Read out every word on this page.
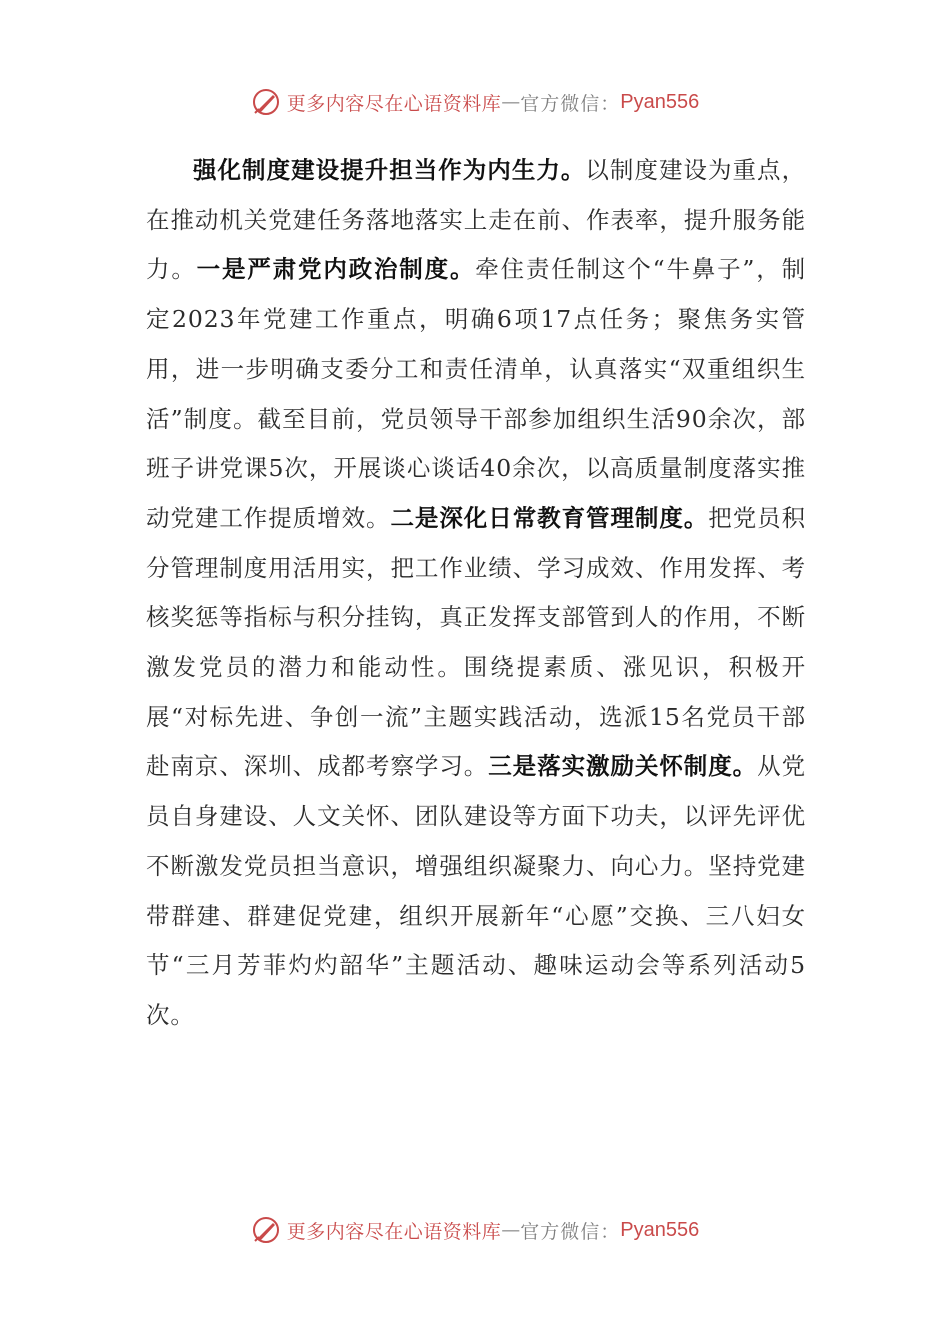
更多内容尽在心语资料库 — 官方微信： Pyan556
强化制度建设提升担当作为内生力。以制度建设为重点，在推动机关党建任务落地落实上走在前、作表率，提升服务能力。一是严肃党内政治制度。牵住责任制这个“牛鼻子”，制定2023年党建工作重点，明确6项17点任务；聚焦务实管用，进一步明确支委分工和责任清单，认真落实“双重组织生活”制度。截至目前，党员领导干部参加组织生活90余次，部班子讲党课5次，开展谈心谈话40余次，以高质量制度落实推动党建工作提质增效。二是深化日常教育管理制度。把党员积分管理制度用活用实，把工作业绩、学习成效、作用发挥、考核奖惩等指标与积分挂钩，真正发挥支部管到人的作用，不断激发党员的潜力和能动性。围绕提素质、涨见识，积极开展“对标先进、争创一流”主题实践活动，选派15名党员干部赴南京、深圳、成都考察学习。三是落实激励关怀制度。从党员自身建设、人文关怀、团队建设等方面下功夫，以评先评优不断激发党员担当意识，增强组织凝聚力、向心力。坚持党建带群建、群建促党建，组织开展新年“心愿”交换、三八妇女节“三月芳菲灼灼韶华”主题活动、趣味运动会等系列活动5次。
更多内容尽在心语资料库 — 官方微信： Pyan556
